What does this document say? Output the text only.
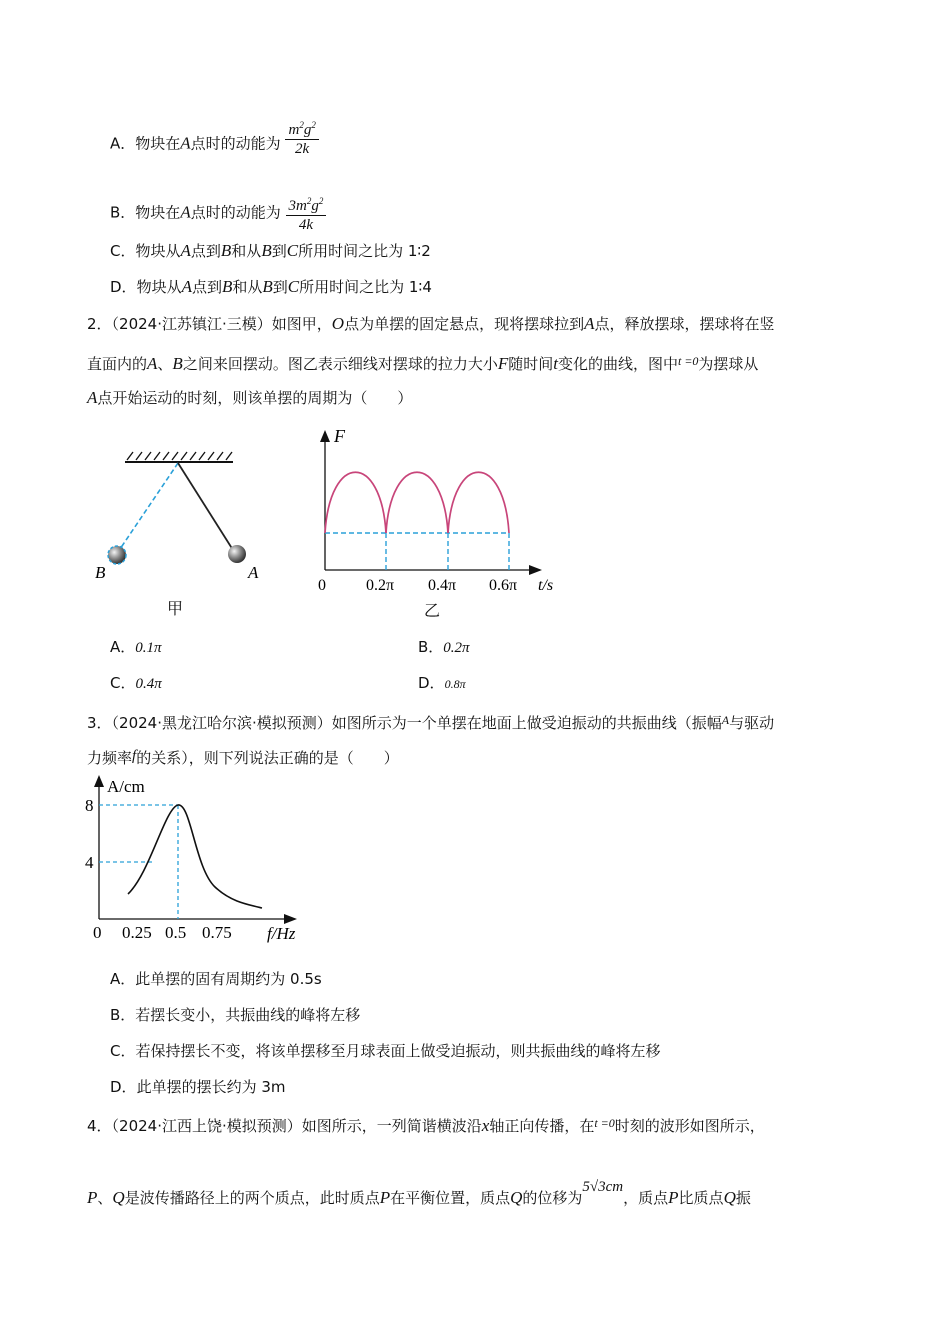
A．物块在A点时的动能为 $\frac{m^2g^2}{2k}$
B．物块在A点时的动能为 $\frac{3m^2g^2}{4k}$
C．物块从A点到B和从B到C所用时间之比为 1∶2
D．物块从A点到B和从B到C所用时间之比为 1∶4
2．（2024·江苏镇江·三模）如图甲，O点为单摆的固定悬点，现将摆球拉到A点，释放摆球，摆球将在竖
直面内的A、B之间来回摆动。图乙表示细线对摆球的拉力大小F随时间t变化的曲线，图中$^{t =0}$为摆球从
A点开始运动的时刻，则该单摆的周期为（　　）
B	A
甲
F
0	0.2π 0.4π 0.6π t/s
乙
A．0.1π	B．0.2π
C．0.4π	D．0.8π
3．（2024·黑龙江哈尔滨·模拟预测）如图所示为一个单摆在地面上做受迫振动的共振曲线（振幅$^A$与驱动
力频率f的关系），则下列说法正确的是（　　）
A/cm
8
4
0 0.25 0.5 0.75 f/Hz
A．此单摆的固有周期约为 0.5s
B．若摆长变小，共振曲线的峰将左移
C．若保持摆长不变，将该单摆移至月球表面上做受迫振动，则共振曲线的峰将左移
D．此单摆的摆长约为 3m
4．（2024·江西上饶·模拟预测）如图所示，一列简谐横波沿x轴正向传播，在$^{t =0}$时刻的波形如图所示，
P、Q是波传播路径上的两个质点，此时质点P在平衡位置，质点Q的位移为5√3cm，质点P比质点Q振
